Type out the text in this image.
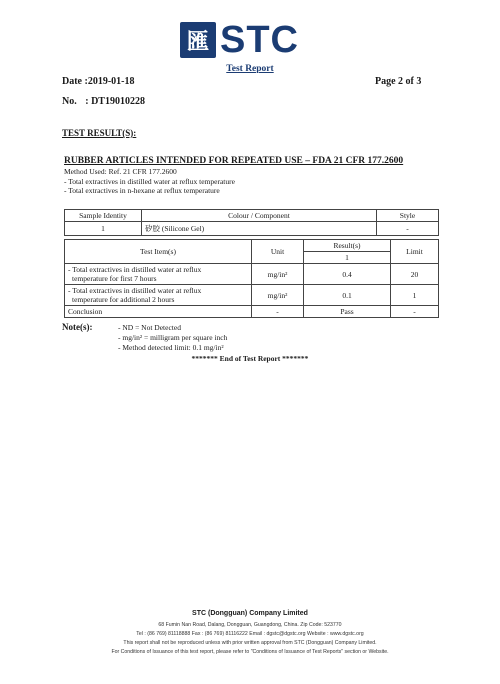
匯 STC
Test Report
Date :2019-01-18	Page 2 of 3
No. : DT19010228
TEST RESULT(S):
RUBBER ARTICLES INTENDED FOR REPEATED USE – FDA 21 CFR 177.2600
Method Used: Ref. 21 CFR 177.2600
- Total extractives in distilled water at reflux temperature
- Total extractives in n-hexane at reflux temperature
Sample Identity	Colour / Component	Style
1	矽胶 (Silicone Gel)	-
Test Item(s)	Unit	Result(s)	Limit
		1	
- Total extractives in distilled water at reflux
temperature for first 7 hours	mg/in²	0.4	20
- Total extractives in distilled water at reflux
temperature for additional 2 hours	mg/in²	0.1	1
Conclusion	-	Pass	-
Note(s):	- ND = Not Detected
- mg/in² = milligram per square inch
- Method detected limit: 0.1 mg/in²
******* End of Test Report *******
STC (Dongguan) Company Limited
68 Fumin Nan Road, Dalang, Dongguan, Guangdong, China. Zip Code: 523770
Tel : (86 769) 81118888 Fax : (86 769) 81116222 Email : dgstc@dgstc.org Website : www.dgstc.org
This report shall not be reproduced unless with prior written approval from STC (Dongguan) Company Limited.
For Conditions of Issuance of this test report, please refer to "Conditions of Issuance of Test Reports" section or Website.
